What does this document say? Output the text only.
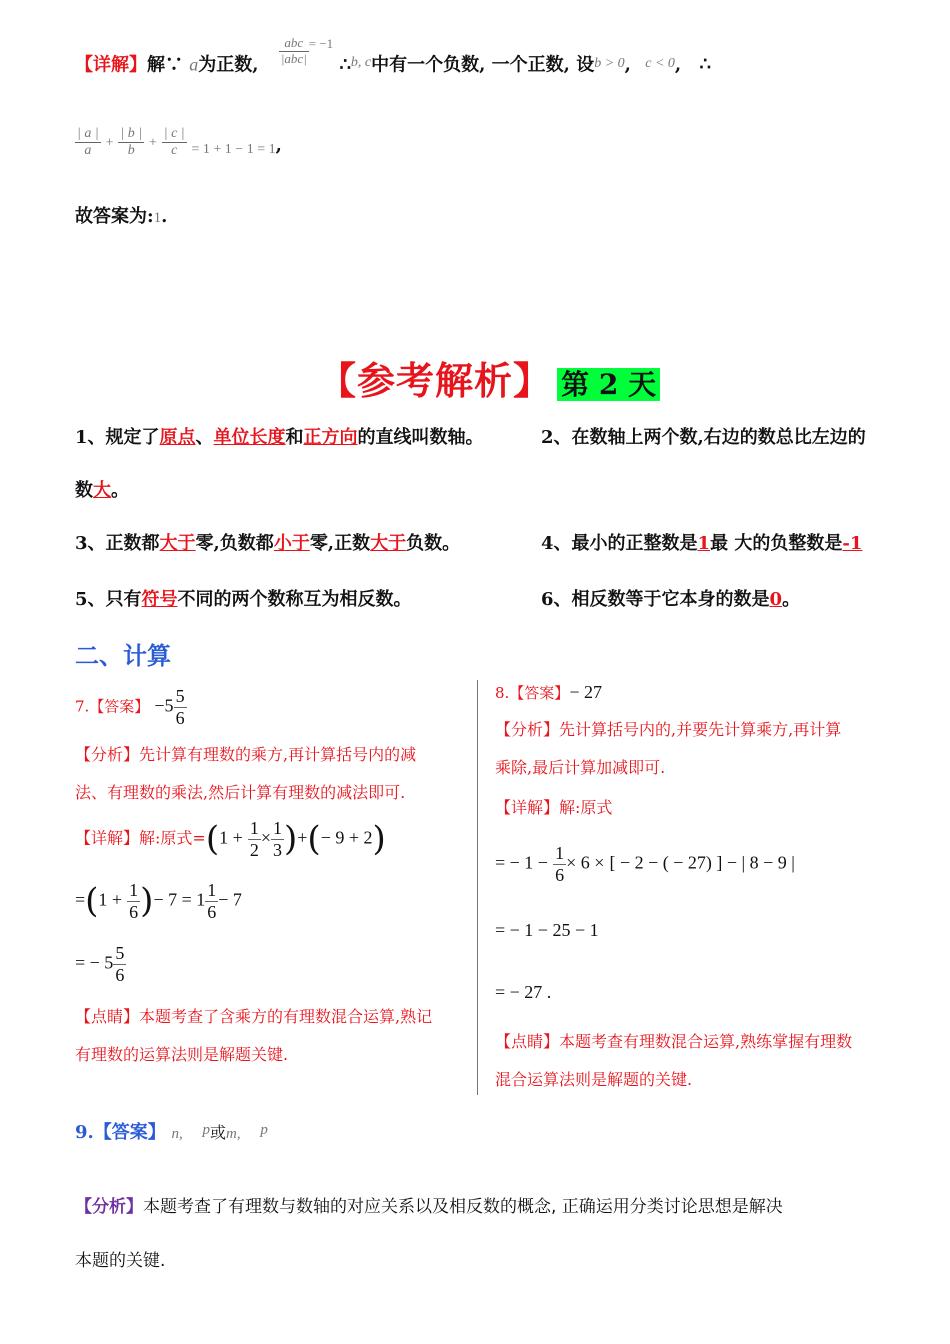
【详解】解∵ a为正数, $\frac{\text{abc}}{\text{|abc|}} ^{= -1}$ ∴$^{b, c}$中有一个负数, 一个正数, 设b > 0, c < 0, ∴
$\frac{| a |}{a} + \frac{| b |}{b} + \frac{| c |}{c} = 1 + 1 - 1 = 1$,
故答案为:1.
【参考解析】 第 2 天
1、规定了原点、单位长度和正方向的直线叫数轴。	2、在数轴上两个数,右边的数总比左边的
数大。
3、正数都大于零,负数都小于零,正数大于负数。	4、最小的正整数是1最 大的负整数是-1
5、只有符号不同的两个数称互为相反数。	6、相反数等于它本身的数是0。
二、计算
7.【答案】 $-5 \frac{5}{6}$
【分析】先计算有理数的乘方,再计算括号内的减
法、有理数的乘法,然后计算有理数的减法即可.
【详解】解:原式$=(1 + \frac{1}{2} \times \frac{1}{3}$ )+(− 9 + 2)
$=(1 + \frac{1}{6}$ )− $7 = 1 \frac{1}{6} - 7$
= − $5 \frac{5}{6}$
【点睛】本题考查了含乘方的有理数混合运算,熟记
有理数的运算法则是解题关键.
8.【答案】− 27
【分析】先计算括号内的,并要先计算乘方,再计算
乘除,最后计算加减即可.
【详解】解:原式
= − $1 - \frac{1}{6} \times 6$ × [ − 2 − ( − 27) ] − | 8 − 9 |
= − 1 − 25 − 1
= − 27 .
【点睛】本题考查有理数混合运算,熟练掌握有理数
混合运算法则是解题的关键.
9.【答案】 n, $^p$或m, $^p$
【分析】本题考查了有理数与数轴的对应关系以及相反数的概念, 正确运用分类讨论思想是解决
本题的关键.
